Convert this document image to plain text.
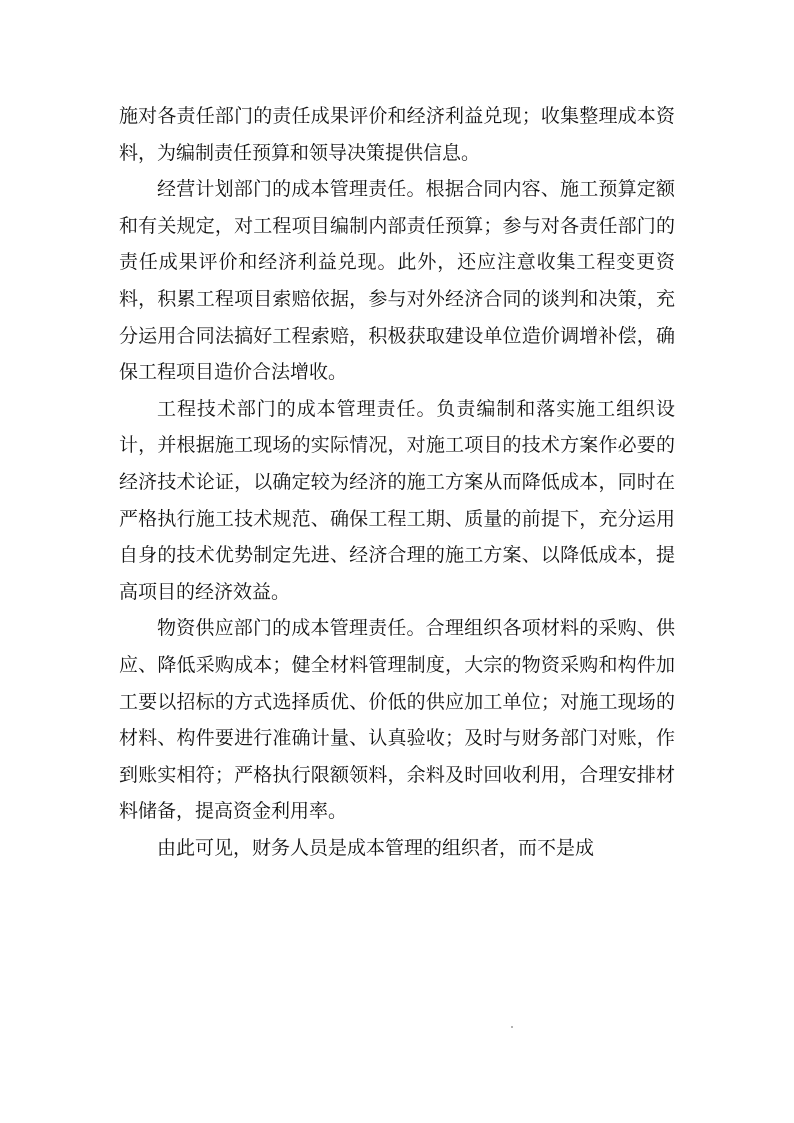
施对各责任部门的责任成果评价和经济利益兑现；收集整理成本资料，为编制责任预算和领导决策提供信息。

经营计划部门的成本管理责任。根据合同内容、施工预算定额和有关规定，对工程项目编制内部责任预算；参与对各责任部门的责任成果评价和经济利益兑现。此外，还应注意收集工程变更资料，积累工程项目索赔依据，参与对外经济合同的谈判和决策，充分运用合同法搞好工程索赔，积极获取建设单位造价调增补偿，确保工程项目造价合法增收。

工程技术部门的成本管理责任。负责编制和落实施工组织设计，并根据施工现场的实际情况，对施工项目的技术方案作必要的经济技术论证，以确定较为经济的施工方案从而降低成本，同时在严格执行施工技术规范、确保工程工期、质量的前提下，充分运用自身的技术优势制定先进、经济合理的施工方案、以降低成本，提高项目的经济效益。

物资供应部门的成本管理责任。合理组织各项材料的采购、供应、降低采购成本；健全材料管理制度，大宗的物资采购和构件加工要以招标的方式选择质优、价低的供应加工单位；对施工现场的材料、构件要进行准确计量、认真验收；及时与财务部门对账，作到账实相符；严格执行限额领料，余料及时回收利用，合理安排材料储备，提高资金利用率。

由此可见，财务人员是成本管理的组织者，而不是成
